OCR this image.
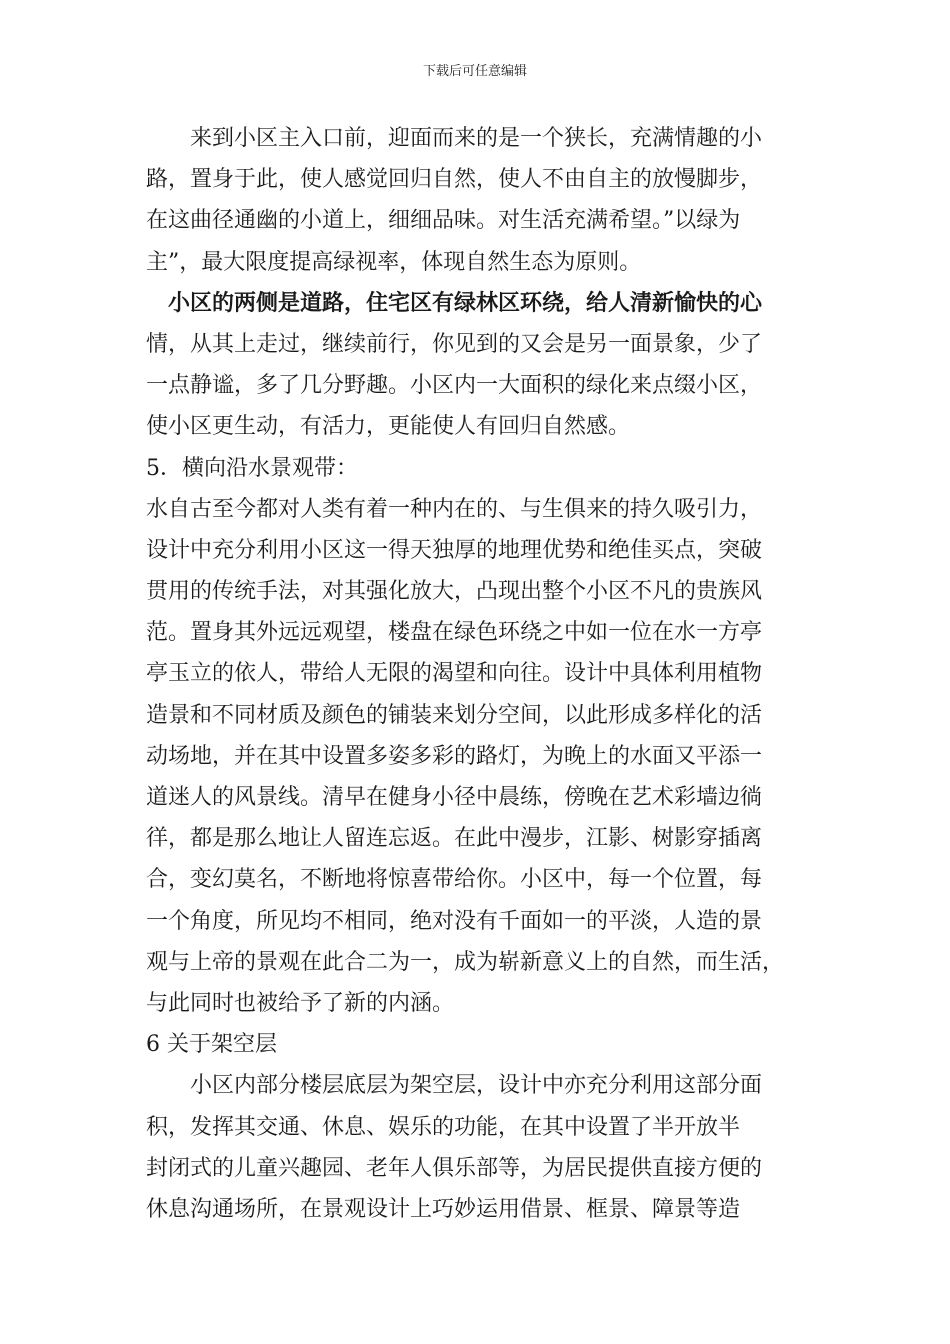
下载后可任意编辑
　　来到小区主入口前，迎面而来的是一个狭长，充满情趣的小
路，置身于此，使人感觉回归自然，使人不由自主的放慢脚步，
在这曲径通幽的小道上，细细品味。对生活充满希望。”以绿为
主”，最大限度提高绿视率，体现自然生态为原则。
　小区的两侧是道路，住宅区有绿林区环绕，给人清新愉快的心
情，从其上走过，继续前行，你见到的又会是另一面景象，少了
一点静谧，多了几分野趣。小区内一大面积的绿化来点缀小区，
使小区更生动，有活力，更能使人有回归自然感。
5．横向沿水景观带：
水自古至今都对人类有着一种内在的、与生俱来的持久吸引力，
设计中充分利用小区这一得天独厚的地理优势和绝佳买点，突破
贯用的传统手法，对其强化放大，凸现出整个小区不凡的贵族风
范。置身其外远远观望，楼盘在绿色环绕之中如一位在水一方亭
亭玉立的依人，带给人无限的渴望和向往。设计中具体利用植物
造景和不同材质及颜色的铺装来划分空间，以此形成多样化的活
动场地，并在其中设置多姿多彩的路灯，为晚上的水面又平添一
道迷人的风景线。清早在健身小径中晨练，傍晚在艺术彩墙边徜
徉，都是那么地让人留连忘返。在此中漫步，江影、树影穿插离
合，变幻莫名，不断地将惊喜带给你。小区中，每一个位置，每
一个角度，所见均不相同，绝对没有千面如一的平淡，人造的景
观与上帝的景观在此合二为一，成为崭新意义上的自然，而生活，
与此同时也被给予了新的内涵。
6 关于架空层
　　小区内部分楼层底层为架空层，设计中亦充分利用这部分面
积，发挥其交通、休息、娱乐的功能，在其中设置了半开放半
封闭式的儿童兴趣园、老年人俱乐部等，为居民提供直接方便的
休息沟通场所，在景观设计上巧妙运用借景、框景、障景等造
